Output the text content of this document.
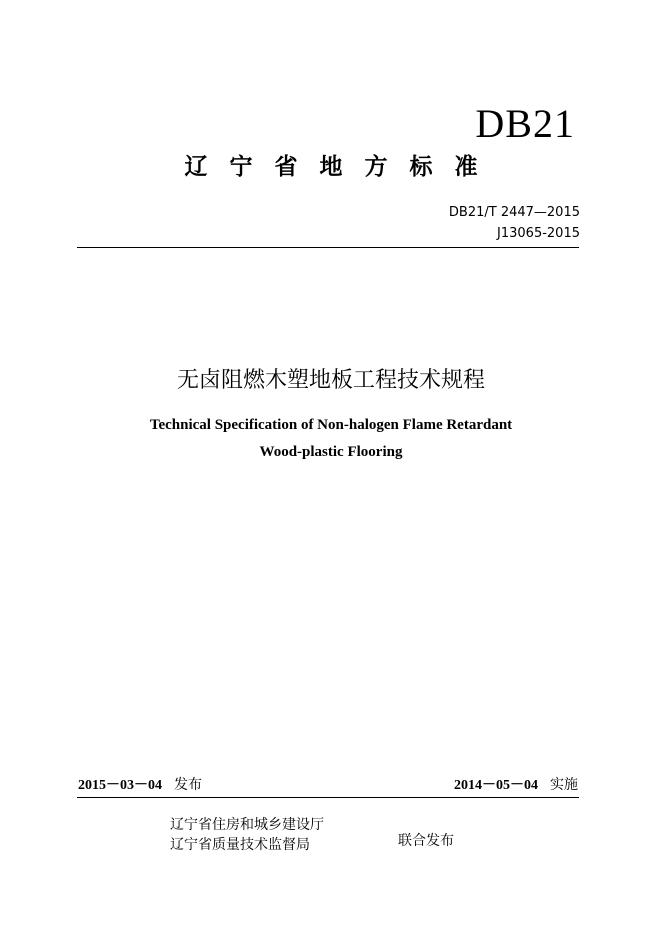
DB21
辽宁省地方标准
DB21/T 2447—2015
J13065-2015
无卤阻燃木塑地板工程技术规程
Technical Specification of Non-halogen Flame Retardant
Wood-plastic Flooring
2015－03－04 发布	2014－05－04 实施
辽宁省住房和城乡建设厅
辽宁省质量技术监督局	联合发布
